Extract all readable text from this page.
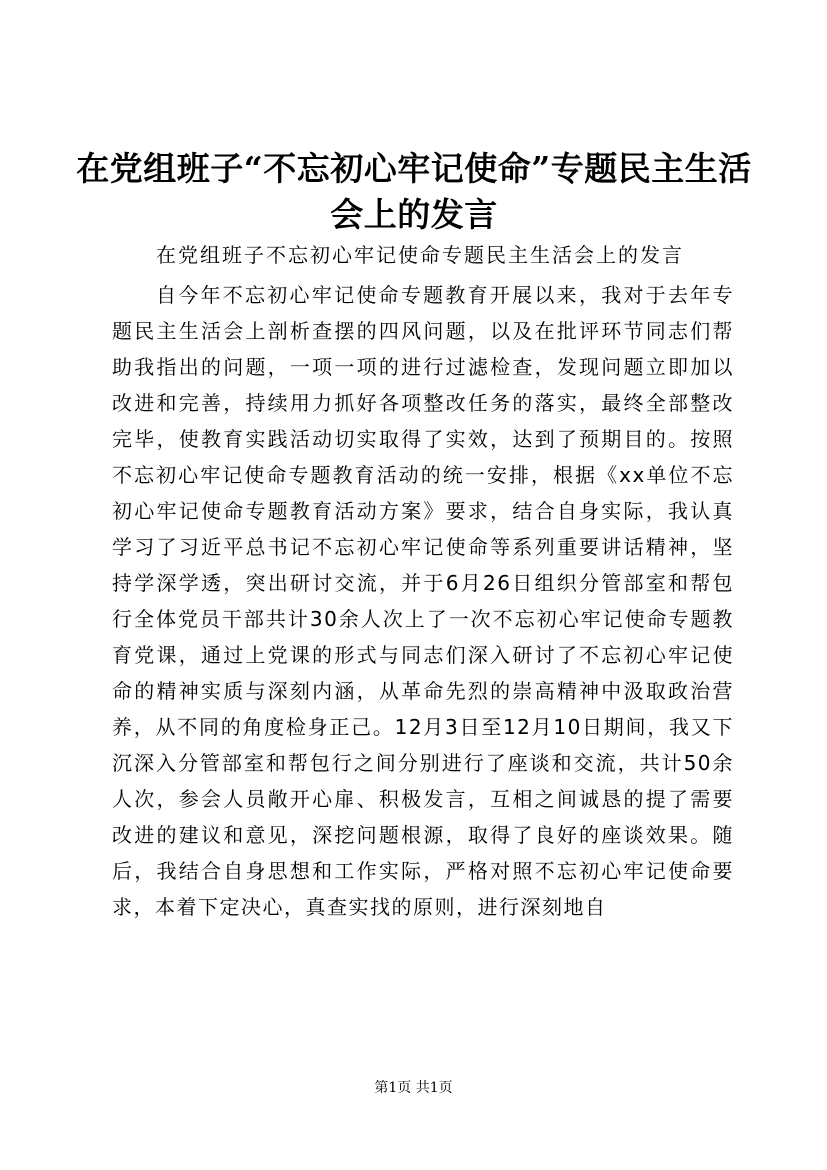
在党组班子“不忘初心牢记使命”专题民主生活会上的发言
在党组班子不忘初心牢记使命专题民主生活会上的发言

自今年不忘初心牢记使命专题教育开展以来，我对于去年专题民主生活会上剖析查摆的四风问题，以及在批评环节同志们帮助我指出的问题，一项一项的进行过滤检查，发现问题立即加以改进和完善，持续用力抓好各项整改任务的落实，最终全部整改完毕，使教育实践活动切实取得了实效，达到了预期目的。按照不忘初心牢记使命专题教育活动的统一安排，根据《xx单位不忘初心牢记使命专题教育活动方案》要求，结合自身实际，我认真学习了习近平总书记不忘初心牢记使命等系列重要讲话精神，坚持学深学透，突出研讨交流，并于6月26日组织分管部室和帮包行全体党员干部共计30余人次上了一次不忘初心牢记使命专题教育党课，通过上党课的形式与同志们深入研讨了不忘初心牢记使命的精神实质与深刻内涵，从革命先烈的崇高精神中汲取政治营养，从不同的角度检身正己。12月3日至12月10日期间，我又下沉深入分管部室和帮包行之间分别进行了座谈和交流，共计50余人次，参会人员敞开心扉、积极发言，互相之间诚恳的提了需要改进的建议和意见，深挖问题根源，取得了良好的座谈效果。随后，我结合自身思想和工作实际，严格对照不忘初心牢记使命要求，本着下定决心，真查实找的原则，进行深刻地自

第1页 共1页
